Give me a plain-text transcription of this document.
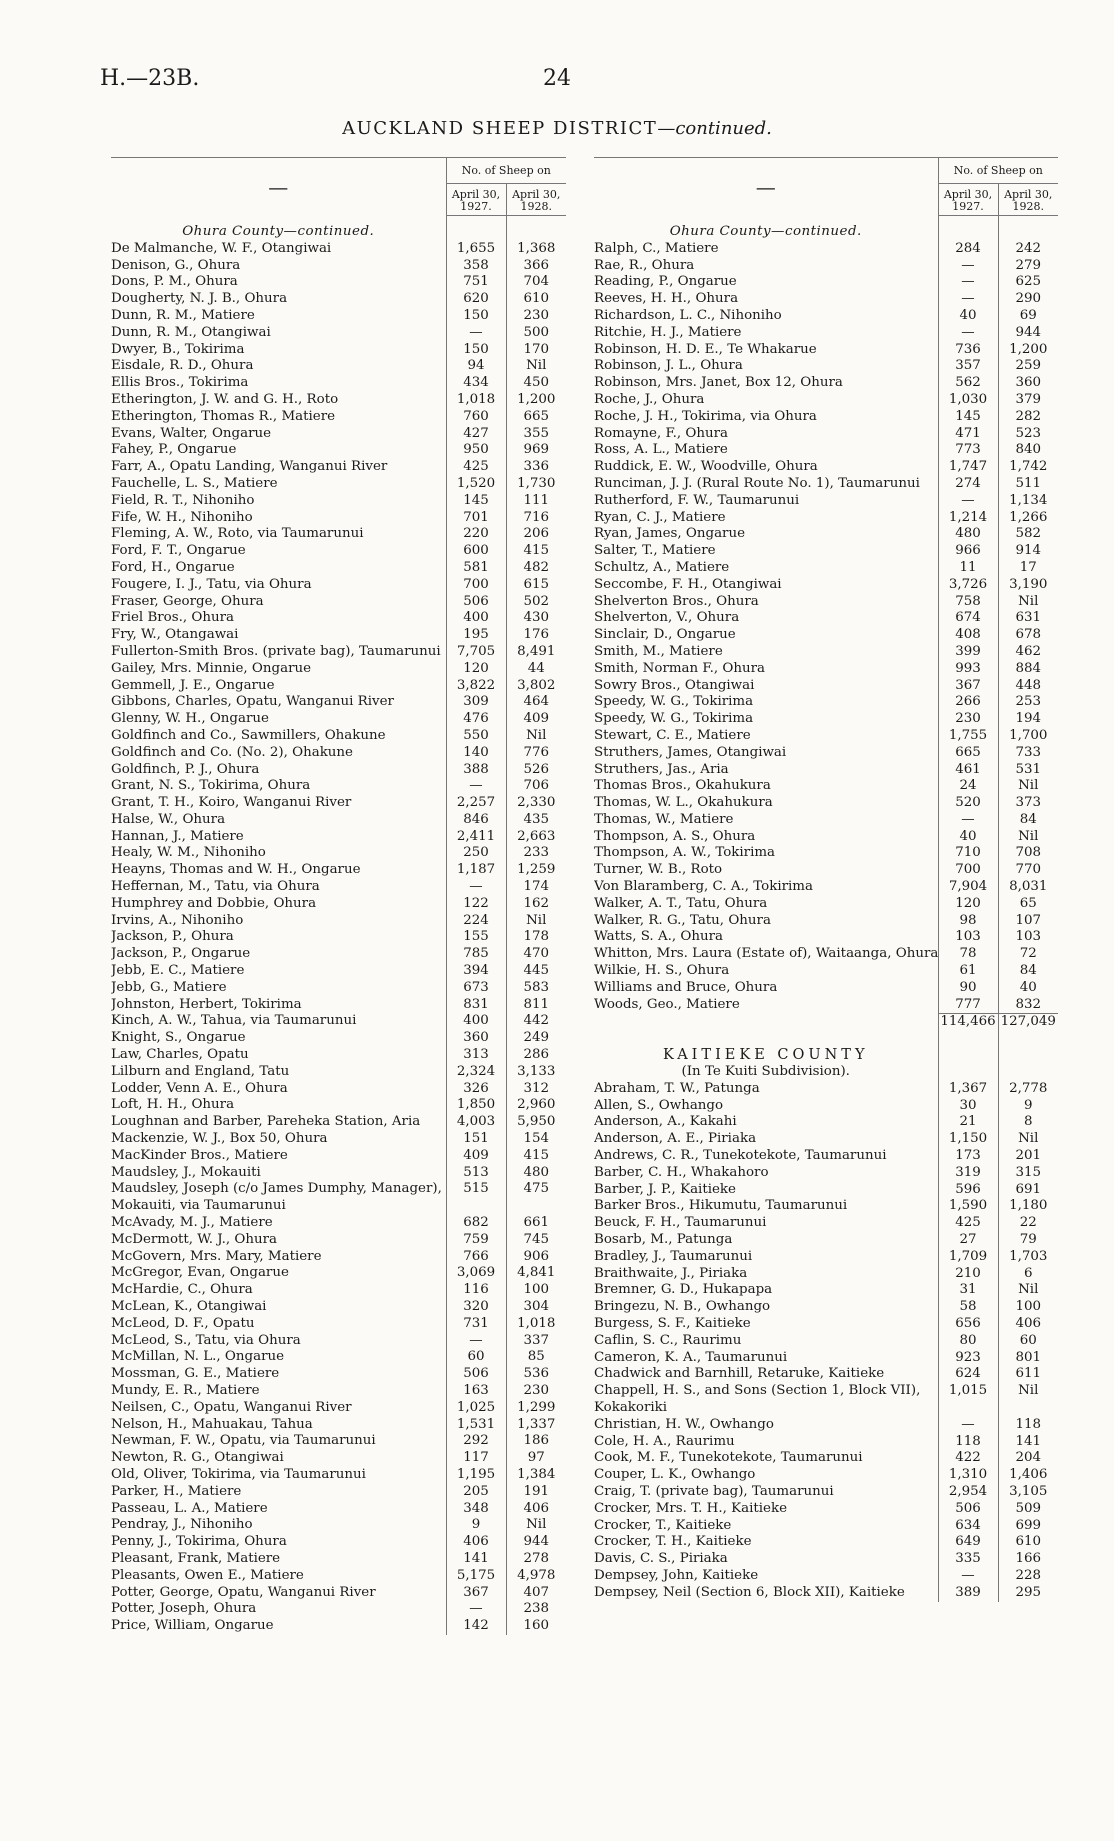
H.—23B.	24
AUCKLAND SHEEP DISTRICT—continued.
—	No. of Sheep on	
	April 30, 1927.	April 30, 1928.

Ohura County—continued.		
De Malmanche, W. F., Otangiwai	1,655	1,368
Denison, G., Ohura	358	366
Dons, P. M., Ohura	751	704
Dougherty, N. J. B., Ohura	620	610
Dunn, R. M., Matiere	150	230
Dunn, R. M., Otangiwai	—	500
Dwyer, B., Tokirima	150	170
Eisdale, R. D., Ohura	94	Nil
Ellis Bros., Tokirima	434	450
Etherington, J. W. and G. H., Roto	1,018	1,200
Etherington, Thomas R., Matiere	760	665
Evans, Walter, Ongarue	427	355
Fahey, P., Ongarue	950	969
Farr, A., Opatu Landing, Wanganui River	425	336
Fauchelle, L. S., Matiere	1,520	1,730
Field, R. T., Nihoniho	145	111
Fife, W. H., Nihoniho	701	716
Fleming, A. W., Roto, via Taumarunui	220	206
Ford, F. T., Ongarue	600	415
Ford, H., Ongarue	581	482
Fougere, I. J., Tatu, via Ohura	700	615
Fraser, George, Ohura	506	502
Friel Bros., Ohura	400	430
Fry, W., Otangawai	195	176
Fullerton-Smith Bros. (private bag), Taumarunui	7,705	8,491
Gailey, Mrs. Minnie, Ongarue	120	44
Gemmell, J. E., Ongarue	3,822	3,802
Gibbons, Charles, Opatu, Wanganui River	309	464
Glenny, W. H., Ongarue	476	409
Goldfinch and Co., Sawmillers, Ohakune	550	Nil
Goldfinch and Co. (No. 2), Ohakune	140	776
Goldfinch, P. J., Ohura	388	526
Grant, N. S., Tokirima, Ohura	—	706
Grant, T. H., Koiro, Wanganui River	2,257	2,330
Halse, W., Ohura	846	435
Hannan, J., Matiere	2,411	2,663
Healy, W. M., Nihoniho	250	233
Heayns, Thomas and W. H., Ongarue	1,187	1,259
Heffernan, M., Tatu, via Ohura	—	174
Humphrey and Dobbie, Ohura	122	162
Irvins, A., Nihoniho	224	Nil
Jackson, P., Ohura	155	178
Jackson, P., Ongarue	785	470
Jebb, E. C., Matiere	394	445
Jebb, G., Matiere	673	583
Johnston, Herbert, Tokirima	831	811
Kinch, A. W., Tahua, via Taumarunui	400	442
Knight, S., Ongarue	360	249
Law, Charles, Opatu	313	286
Lilburn and England, Tatu	2,324	3,133
Lodder, Venn A. E., Ohura	326	312
Loft, H. H., Ohura	1,850	2,960
Loughnan and Barber, Pareheka Station, Aria	4,003	5,950
Mackenzie, W. J., Box 50, Ohura	151	154
MacKinder Bros., Matiere	409	415
Maudsley, J., Mokauiti	513	480
Maudsley, Joseph (c/o James Dumphy, Manager), Mokauiti, via Taumarunui	515	475
McAvady, M. J., Matiere	682	661
McDermott, W. J., Ohura	759	745
McGovern, Mrs. Mary, Matiere	766	906
McGregor, Evan, Ongarue	3,069	4,841
McHardie, C., Ohura	116	100
McLean, K., Otangiwai	320	304
McLeod, D. F., Opatu	731	1,018
McLeod, S., Tatu, via Ohura	—	337
McMillan, N. L., Ongarue	60	85
Mossman, G. E., Matiere	506	536
Mundy, E. R., Matiere	163	230
Neilsen, C., Opatu, Wanganui River	1,025	1,299
Nelson, H., Mahuakau, Tahua	1,531	1,337
Newman, F. W., Opatu, via Taumarunui	292	186
Newton, R. G., Otangiwai	117	97
Old, Oliver, Tokirima, via Taumarunui	1,195	1,384
Parker, H., Matiere	205	191
Passeau, L. A., Matiere	348	406
Pendray, J., Nihoniho	9	Nil
Penny, J., Tokirima, Ohura	406	944
Pleasant, Frank, Matiere	141	278
Pleasants, Owen E., Matiere	5,175	4,978
Potter, George, Opatu, Wanganui River	367	407
Potter, Joseph, Ohura	—	238
Price, William, Ongarue	142	160
—	No. of Sheep on	
	April 30, 1927.	April 30, 1928.

Ohura County—continued.		
Ralph, C., Matiere	284	242
Rae, R., Ohura	—	279
Reading, P., Ongarue	—	625
Reeves, H. H., Ohura	—	290
Richardson, L. C., Nihoniho	40	69
Ritchie, H. J., Matiere	—	944
Robinson, H. D. E., Te Whakarue	736	1,200
Robinson, J. L., Ohura	357	259
Robinson, Mrs. Janet, Box 12, Ohura	562	360
Roche, J., Ohura	1,030	379
Roche, J. H., Tokirima, via Ohura	145	282
Romayne, F., Ohura	471	523
Ross, A. L., Matiere	773	840
Ruddick, E. W., Woodville, Ohura	1,747	1,742
Runciman, J. J. (Rural Route No. 1), Taumarunui	274	511
Rutherford, F. W., Taumarunui	—	1,134
Ryan, C. J., Matiere	1,214	1,266
Ryan, James, Ongarue	480	582
Salter, T., Matiere	966	914
Schultz, A., Matiere	11	17
Seccombe, F. H., Otangiwai	3,726	3,190
Shelverton Bros., Ohura	758	Nil
Shelverton, V., Ohura	674	631
Sinclair, D., Ongarue	408	678
Smith, M., Matiere	399	462
Smith, Norman F., Ohura	993	884
Sowry Bros., Otangiwai	367	448
Speedy, W. G., Tokirima	266	253
Speedy, W. G., Tokirima	230	194
Stewart, C. E., Matiere	1,755	1,700
Struthers, James, Otangiwai	665	733
Struthers, Jas., Aria	461	531
Thomas Bros., Okahukura	24	Nil
Thomas, W. L., Okahukura	520	373
Thomas, W., Matiere	—	84
Thompson, A. S., Ohura	40	Nil
Thompson, A. W., Tokirima	710	708
Turner, W. B., Roto	700	770
Von Blaramberg, C. A., Tokirima	7,904	8,031
Walker, A. T., Tatu, Ohura	120	65
Walker, R. G., Tatu, Ohura	98	107
Watts, S. A., Ohura	103	103
Whitton, Mrs. Laura (Estate of), Waitaanga, Ohura	78	72
Wilkie, H. S., Ohura	61	84
Williams and Bruce, Ohura	90	40
Woods, Geo., Matiere	777	832
	114,466	127,049

KAITIEKE COUNTY		
(In Te Kuiti Subdivision).		
Abraham, T. W., Patunga	1,367	2,778
Allen, S., Owhango	30	9
Anderson, A., Kakahi	21	8
Anderson, A. E., Piriaka	1,150	Nil
Andrews, C. R., Tunekotekote, Taumarunui	173	201
Barber, C. H., Whakahoro	319	315
Barber, J. P., Kaitieke	596	691
Barker Bros., Hikumutu, Taumarunui	1,590	1,180
Beuck, F. H., Taumarunui	425	22
Bosarb, M., Patunga	27	79
Bradley, J., Taumarunui	1,709	1,703
Braithwaite, J., Piriaka	210	6
Bremner, G. D., Hukapapa	31	Nil
Bringezu, N. B., Owhango	58	100
Burgess, S. F., Kaitieke	656	406
Caflin, S. C., Raurimu	80	60
Cameron, K. A., Taumarunui	923	801
Chadwick and Barnhill, Retaruke, Kaitieke	624	611
Chappell, H. S., and Sons (Section 1, Block VII), Kokakoriki	1,015	Nil
Christian, H. W., Owhango	—	118
Cole, H. A., Raurimu	118	141
Cook, M. F., Tunekotekote, Taumarunui	422	204
Couper, L. K., Owhango	1,310	1,406
Craig, T. (private bag), Taumarunui	2,954	3,105
Crocker, Mrs. T. H., Kaitieke	506	509
Crocker, T., Kaitieke	634	699
Crocker, T. H., Kaitieke	649	610
Davis, C. S., Piriaka	335	166
Dempsey, John, Kaitieke	—	228
Dempsey, Neil (Section 6, Block XII), Kaitieke	389	295
